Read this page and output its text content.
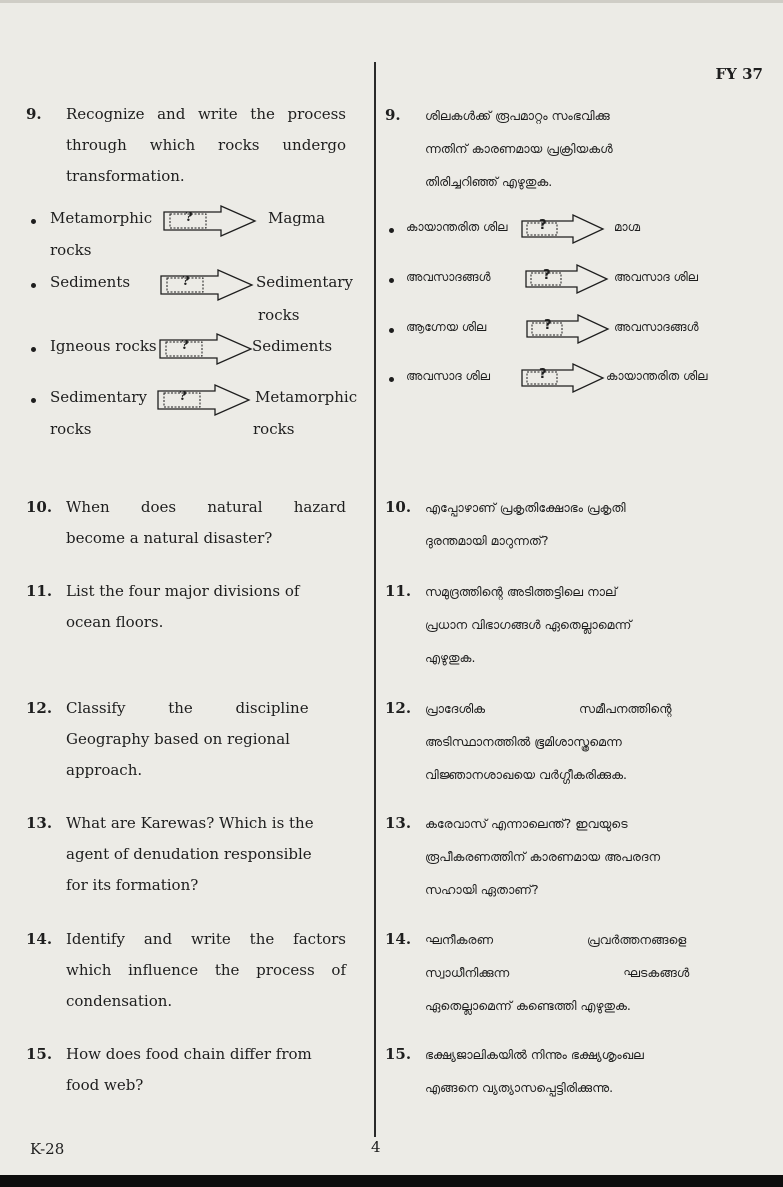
FY 37
9. Recognize and write the process
through which rocks undergo
transformation.
Metamorphic
rocks
?	Magma
Sediments	?	Sedimentary
rocks
Igneous rocks ?	Sediments
Sedimentary
rocks
?	Metamorphic
rocks
9. ശിലകൾക്ക് രൂപമാറ്റം സംഭവിക്കു
ന്നതിന് കാരണമായ പ്രക്രിയകൾ
തിരിച്ചറിഞ്ഞ് എഴുതുക.
കായാന്തരിത ശില ?	മാഗ്മ
അവസാദങ്ങൾ	?	അവസാദ ശില
ആഗ്നേയ ശില	?	അവസാദങ്ങൾ
അവസാദ ശില	?	കായാന്തരിത ശില
10. When does natural hazard
become a natural disaster?
10. എപ്പോഴാണ് പ്രകൃതിക്ഷോഭം പ്രകൃതി
ദുരന്തമായി മാറുന്നത്?
11. List the four major divisions of
ocean floors.
11. സമുദ്രത്തിന്റെ അടിത്തട്ടിലെ നാല്
പ്രധാന വിഭാഗങ്ങൾ ഏതെല്ലാമെന്ന്
എഴുതുക.
12. Classify the discipline
Geography based on regional
approach.
12. പ്രാദേശിക സമീപനത്തിന്റെ
അടിസ്ഥാനത്തിൽ ഭൂമിശാസ്ത്രമെന്ന
വിജ്ഞാനശാഖയെ വർഗ്ഗീകരിക്കുക.
13. What are Karewas? Which is the
agent of denudation responsible
for its formation?
13. കരേവാസ് എന്നാലെന്ത്? ഇവയുടെ
രൂപീകരണത്തിന് കാരണമായ അപരദന
സഹായി ഏതാണ്?
14. Identify and write the factors
which influence the process of
condensation.
14. ഘനീകരണ പ്രവർത്തനങ്ങളെ
സ്വാധീനിക്കുന്ന ഘടകങ്ങൾ
ഏതെല്ലാമെന്ന് കണ്ടെത്തി എഴുതുക.
15. How does food chain differ from
food web?
15. ഭക്ഷ്യജാലികയിൽ നിന്നും ഭക്ഷ്യശൃംഖല
എങ്ങനെ വ്യത്യാസപ്പെട്ടിരിക്കുന്നു.
K-28	4
